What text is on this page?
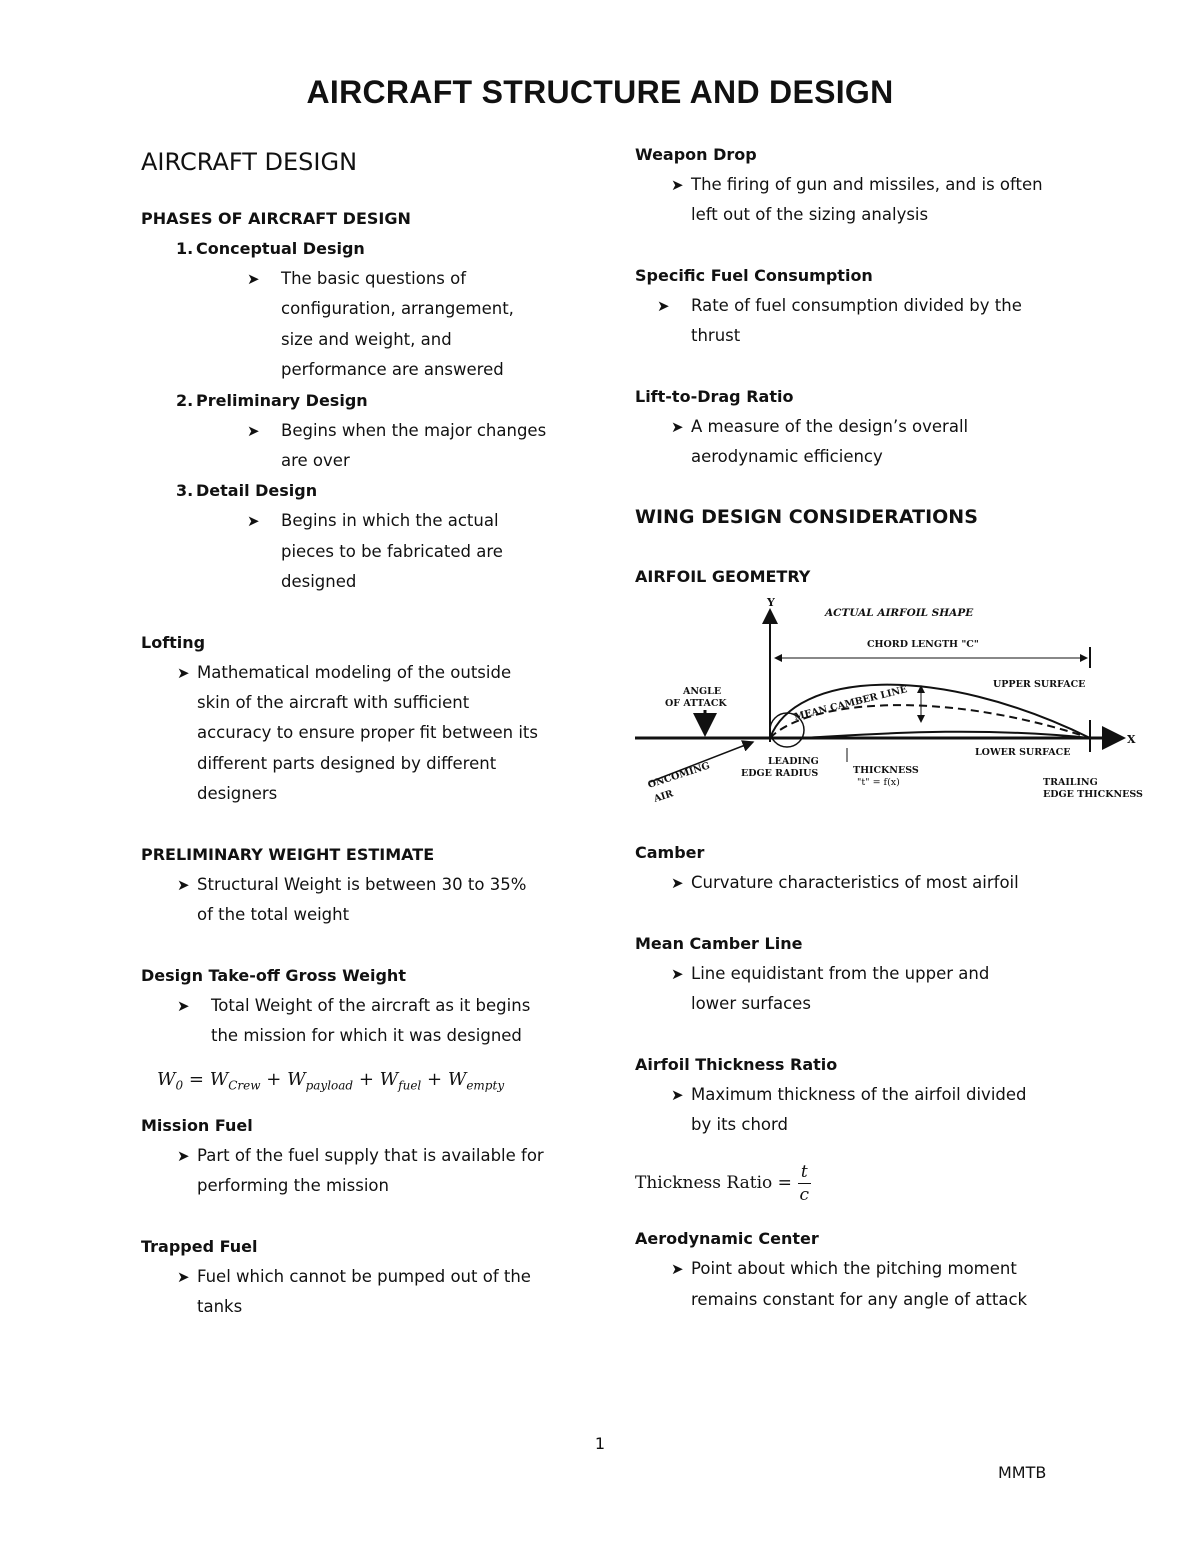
AIRCRAFT STRUCTURE AND DESIGN
AIRCRAFT DESIGN
PHASES OF AIRCRAFT DESIGN
1. Conceptual Design
➤	The basic questions of
configuration, arrangement,
size and weight, and
performance are answered
2. Preliminary Design
➤	Begins when the major changes
are over
3. Detail Design
➤	Begins in which the actual
pieces to be fabricated are
designed
Lofting
➤ Mathematical modeling of the outside
skin of the aircraft with sufficient
accuracy to ensure proper fit between its
different parts designed by different
designers
PRELIMINARY WEIGHT ESTIMATE
➤ Structural Weight is between 30 to 35%
of the total weight
Design Take-off Gross Weight
➤	Total Weight of the aircraft as it begins
the mission for which it was designed
$W_0 = W_{Crew} + W_{payload} + W_{fuel} + W_{empty}$
Mission Fuel
➤ Part of the fuel supply that is available for
performing the mission
Trapped Fuel
➤ Fuel which cannot be pumped out of the
tanks
Weapon Drop
➤ The firing of gun and missiles, and is often
left out of the sizing analysis
Specific Fuel Consumption
➤	Rate of fuel consumption divided by the
thrust
Lift-to-Drag Ratio
➤ A measure of the design’s overall
aerodynamic efficiency
WING DESIGN CONSIDERATIONS
AIRFOIL GEOMETRY
Y
X
ACTUAL AIRFOIL SHAPE
CHORD LENGTH "C"
UPPER SURFACE
LOWER SURFACE
MEAN CAMBER LINE
ANGLE
OF ATTACK
LEADING
EDGE RADIUS	THICKNESS
"t" = f(x)	TRAILING
EDGE THICKNESS
ONCOMING
AIR
Camber
➤ Curvature characteristics of most airfoil
Mean Camber Line
➤ Line equidistant from the upper and
lower surfaces
Airfoil Thickness Ratio
➤ Maximum thickness of the airfoil divided
by its chord
Thickness Ratio = $\frac{t}{c}$
Aerodynamic Center
➤ Point about which the pitching moment
remains constant for any angle of attack
1
MMTB
